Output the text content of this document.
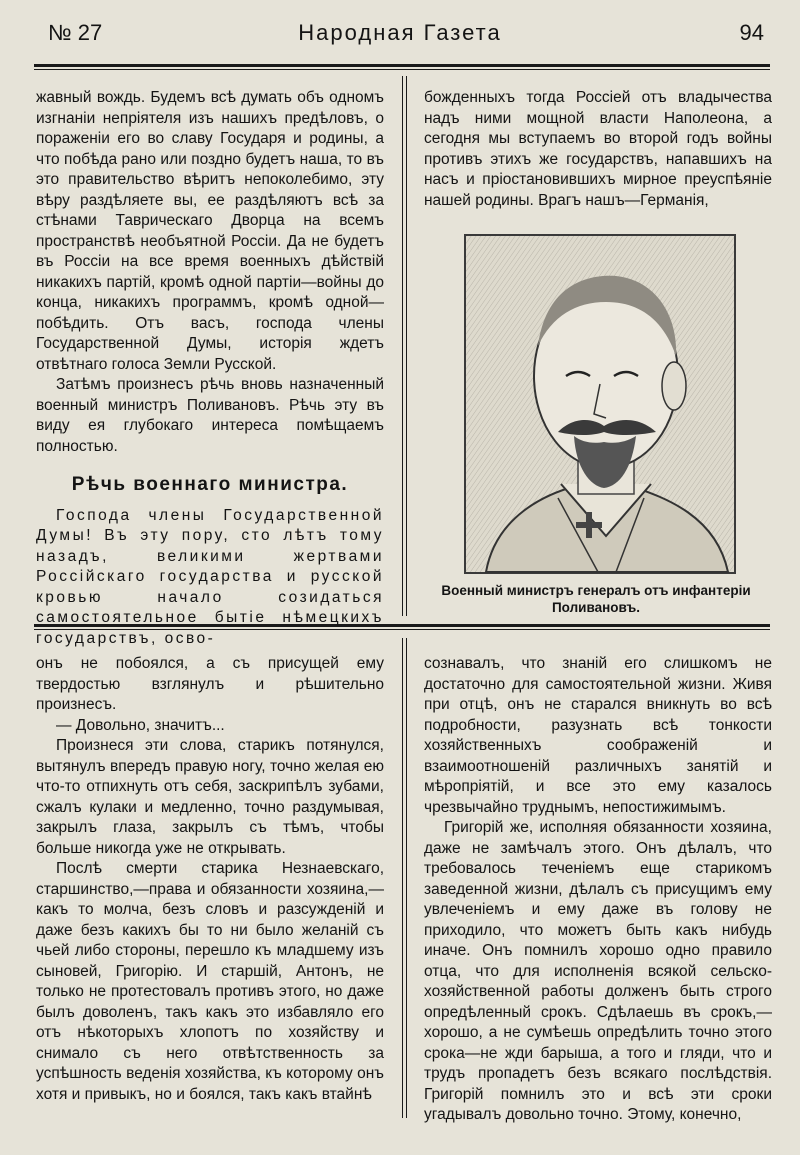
№ 27	Народная Газета	94

жавный вождь. Будемъ всѣ думать объ одномъ изгнаніи непріятеля изъ нашихъ предѣловъ, о пораженіи его во славу Государя и родины, а что побѣда рано или поздно будетъ наша, то въ это правительство вѣритъ непоколебимо, эту вѣру раздѣляете вы, ее раздѣляютъ всѣ за стѣнами Таврическаго Дворца на всемъ пространствѣ необъятной Россіи. Да не будетъ въ Россіи на все время военныхъ дѣйствій никакихъ партій, кромѣ одной партіи—войны до конца, никакихъ программъ, кромѣ одной—побѣдить. Отъ васъ, господа члены Государственной Думы, исторія ждетъ отвѣтнаго голоса Земли Русской.

Затѣмъ произнесъ рѣчь вновь назначенный военный министръ Поливановъ. Рѣчь эту въ виду ея глубокаго интереса помѣщаемъ полностью.

Рѣчь военнаго министра.

Господа члены Государственной Думы! Въ эту пору, сто лѣтъ тому назадъ, великими жертвами Россійскаго государства и русской кровью начало созидаться самостоятельное бытіе нѣмецкихъ государствъ, осво-

божденныхъ тогда Россіей отъ владычества надъ ними мощной власти Наполеона, а сегодня мы вступаемъ во второй годъ войны противъ этихъ же государствъ, напавшихъ на насъ и пріостановившихъ мирное преуспѣяніе нашей родины. Врагъ нашъ—Германія,

Военный министръ генералъ отъ инфантеріи Поливановъ.

онъ не побоялся, а съ присущей ему твердостью взглянулъ и рѣшительно произнесъ.

— Довольно, значитъ...

Произнеся эти слова, старикъ потянулся, вытянулъ впередъ правую ногу, точно желая ею что-то отпихнуть отъ себя, заскрипѣлъ зубами, сжалъ кулаки и медленно, точно раздумывая, закрылъ глаза, закрылъ съ тѣмъ, чтобы больше никогда уже не открывать.

Послѣ смерти старика Незнаевскаго, старшинство,—права и обязанности хозяина,—какъ то молча, безъ словъ и разсужденій и даже безъ какихъ бы то ни было желаній съ чьей либо стороны, перешло къ младшему изъ сыновей, Григорію. И старшій, Антонъ, не только не протестовалъ противъ этого, но даже былъ доволенъ, такъ какъ это избавляло его отъ нѣкоторыхъ хлопотъ по хозяйству и снимало съ него отвѣтственность за успѣшность веденія хозяйства, къ которому онъ хотя и привыкъ, но и боялся, такъ какъ втайнѣ

сознавалъ, что знаній его слишкомъ не достаточно для самостоятельной жизни. Живя при отцѣ, онъ не старался вникнуть во всѣ подробности, разузнать всѣ тонкости хозяйственныхъ соображеній и взаимоотношеній различныхъ занятій и мѣропріятій, и все это ему казалось чрезвычайно труднымъ, непостижимымъ.

Григорій же, исполняя обязанности хозяина, даже не замѣчалъ этого. Онъ дѣлалъ, что требовалось теченіемъ еще старикомъ заведенной жизни, дѣлалъ съ присущимъ ему увлеченіемъ и ему даже въ голову не приходило, что можетъ быть какъ нибудь иначе. Онъ помнилъ хорошо одно правило отца, что для исполненія всякой сельско-хозяйственной работы долженъ быть строго опредѣленный срокъ. Сдѣлаешь въ срокъ,—хорошо, а не сумѣешь опредѣлить точно этого срока—не жди барыша, а того и гляди, что и трудъ пропадетъ безъ всякаго послѣдствія. Григорій помнилъ это и всѣ эти сроки угадывалъ довольно точно. Этому, конечно,
